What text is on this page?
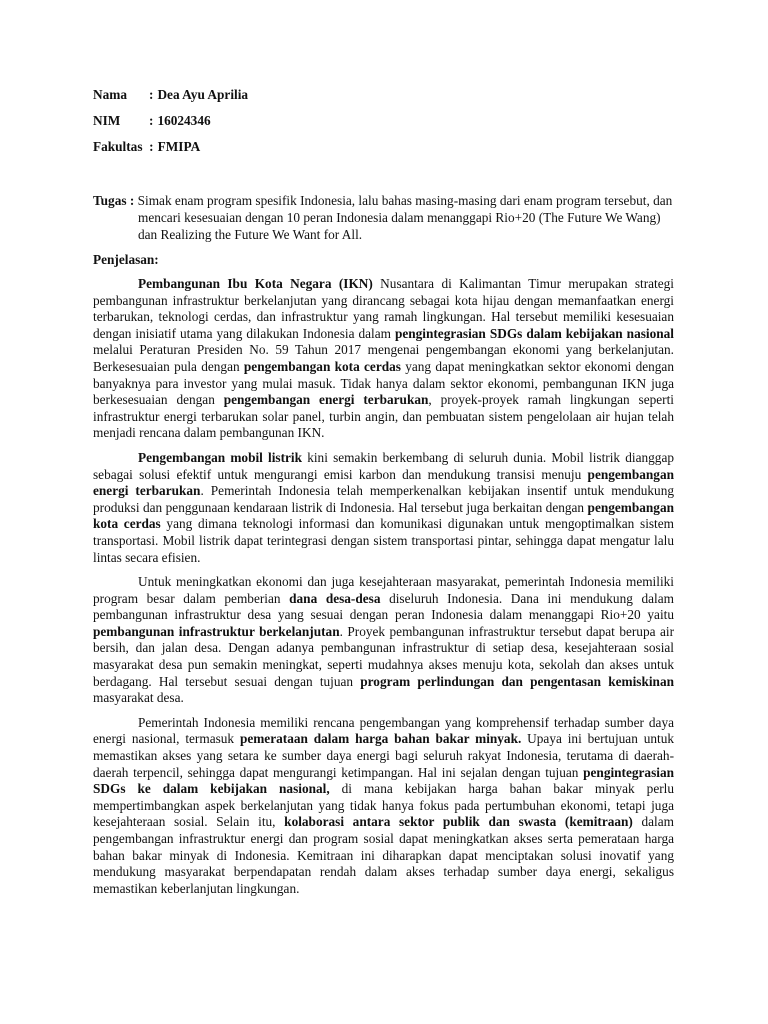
Nama : Dea Ayu Aprilia
NIM : 16024346
Fakultas : FMIPA
Tugas : Simak enam program spesifik Indonesia, lalu bahas masing-masing dari enam program tersebut, dan mencari kesesuaian dengan 10 peran Indonesia dalam menanggapi Rio+20 (The Future We Wang) dan Realizing the Future We Want for All.
Penjelasan:

Pembangunan Ibu Kota Negara (IKN) Nusantara di Kalimantan Timur merupakan strategi pembangunan infrastruktur berkelanjutan yang dirancang sebagai kota hijau dengan memanfaatkan energi terbarukan, teknologi cerdas, dan infrastruktur yang ramah lingkungan. Hal tersebut memiliki kesesuaian dengan inisiatif utama yang dilakukan Indonesia dalam pengintegrasian SDGs dalam kebijakan nasional melalui Peraturan Presiden No. 59 Tahun 2017 mengenai pengembangan ekonomi yang berkelanjutan. Berkesesuaian pula dengan pengembangan kota cerdas yang dapat meningkatkan sektor ekonomi dengan banyaknya para investor yang mulai masuk. Tidak hanya dalam sektor ekonomi, pembangunan IKN juga berkesesuaian dengan pengembangan energi terbarukan, proyek-proyek ramah lingkungan seperti infrastruktur energi terbarukan solar panel, turbin angin, dan pembuatan sistem pengelolaan air hujan telah menjadi rencana dalam pembangunan IKN.

Pengembangan mobil listrik kini semakin berkembang di seluruh dunia. Mobil listrik dianggap sebagai solusi efektif untuk mengurangi emisi karbon dan mendukung transisi menuju pengembangan energi terbarukan. Pemerintah Indonesia telah memperkenalkan kebijakan insentif untuk mendukung produksi dan penggunaan kendaraan listrik di Indonesia. Hal tersebut juga berkaitan dengan pengembangan kota cerdas yang dimana teknologi informasi dan komunikasi digunakan untuk mengoptimalkan sistem transportasi. Mobil listrik dapat terintegrasi dengan sistem transportasi pintar, sehingga dapat mengatur lalu lintas secara efisien.

Untuk meningkatkan ekonomi dan juga kesejahteraan masyarakat, pemerintah Indonesia memiliki program besar dalam pemberian dana desa-desa diseluruh Indonesia. Dana ini mendukung dalam pembangunan infrastruktur desa yang sesuai dengan peran Indonesia dalam menanggapi Rio+20 yaitu pembangunan infrastruktur berkelanjutan. Proyek pembangunan infrastruktur tersebut dapat berupa air bersih, dan jalan desa. Dengan adanya pembangunan infrastruktur di setiap desa, kesejahteraan sosial masyarakat desa pun semakin meningkat, seperti mudahnya akses menuju kota, sekolah dan akses untuk berdagang. Hal tersebut sesuai dengan tujuan program perlindungan dan pengentasan kemiskinan masyarakat desa.

Pemerintah Indonesia memiliki rencana pengembangan yang komprehensif terhadap sumber daya energi nasional, termasuk pemerataan dalam harga bahan bakar minyak. Upaya ini bertujuan untuk memastikan akses yang setara ke sumber daya energi bagi seluruh rakyat Indonesia, terutama di daerah-daerah terpencil, sehingga dapat mengurangi ketimpangan. Hal ini sejalan dengan tujuan pengintegrasian SDGs ke dalam kebijakan nasional, di mana kebijakan harga bahan bakar minyak perlu mempertimbangkan aspek berkelanjutan yang tidak hanya fokus pada pertumbuhan ekonomi, tetapi juga kesejahteraan sosial. Selain itu, kolaborasi antara sektor publik dan swasta (kemitraan) dalam pengembangan infrastruktur energi dan program sosial dapat meningkatkan akses serta pemerataan harga bahan bakar minyak di Indonesia. Kemitraan ini diharapkan dapat menciptakan solusi inovatif yang mendukung masyarakat berpendapatan rendah dalam akses terhadap sumber daya energi, sekaligus memastikan keberlanjutan lingkungan.
